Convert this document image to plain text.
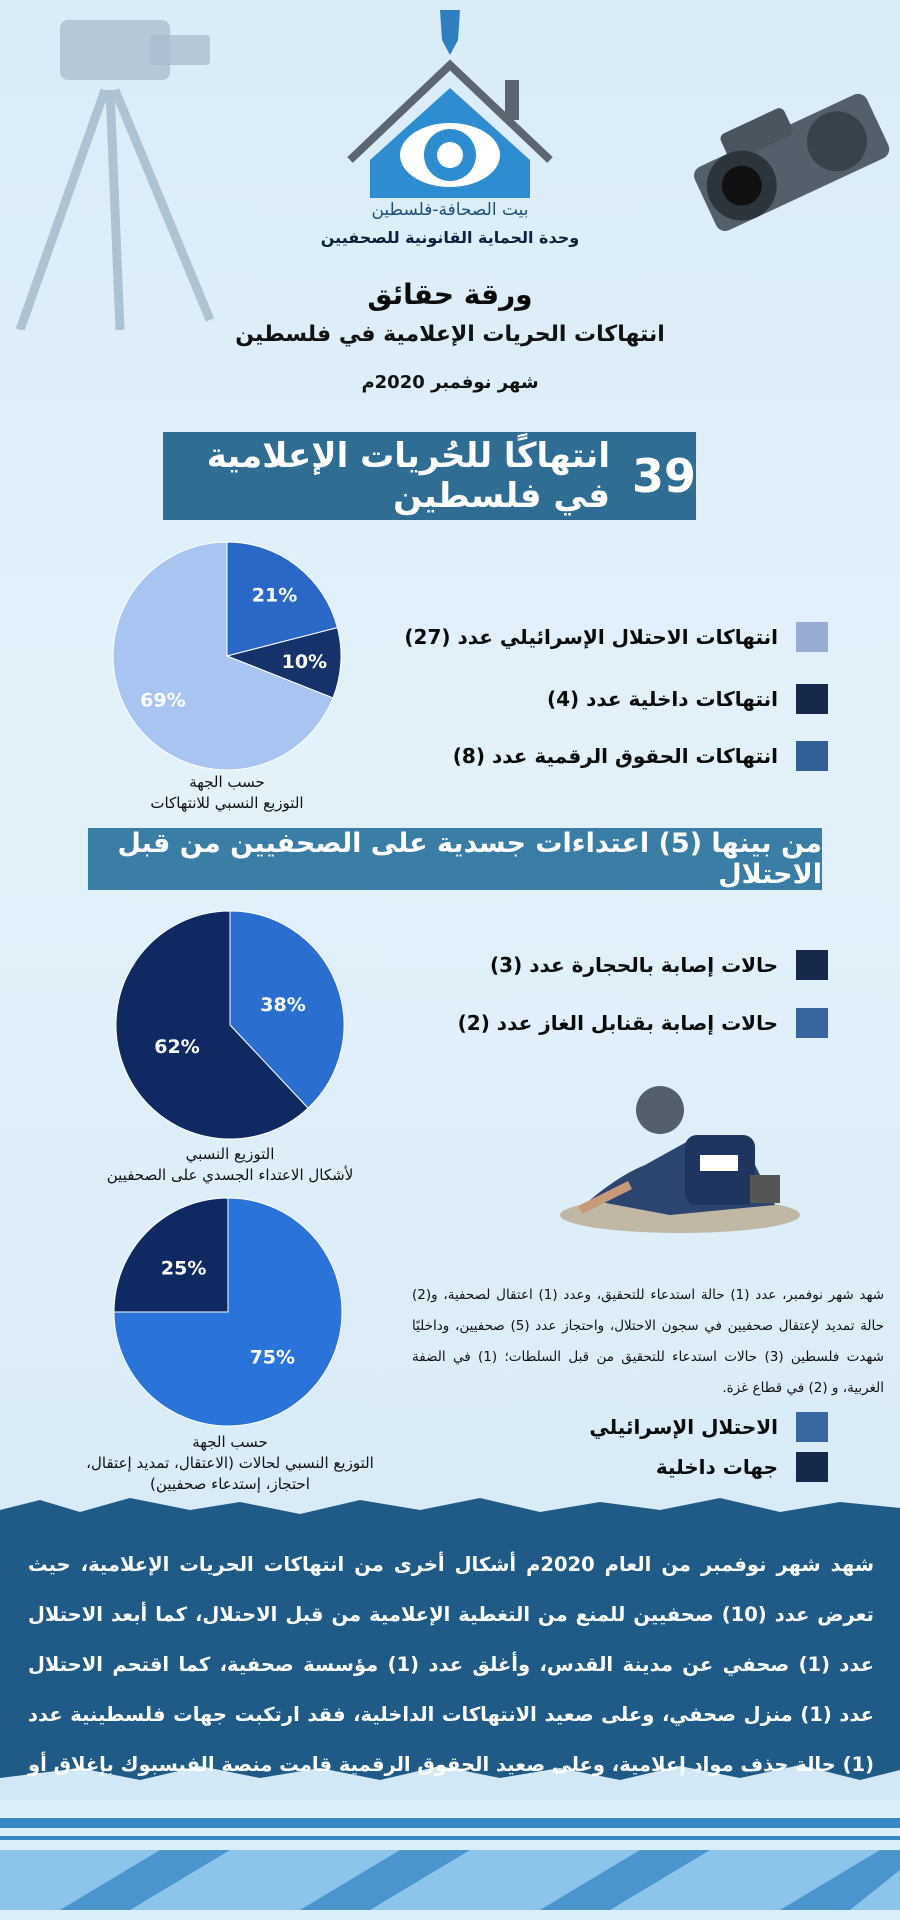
بيت الصحافة-فلسطين
وحدة الحماية القانونية للصحفيين
ورقة حقائق
انتهاكات الحريات الإعلامية في فلسطين
شهر نوفمبر 2020م
39
انتهاكًا للحُريات الإعلامية في فلسطين
21%
10%
69%
حسب الجهة
التوزيع النسبي للانتهاكات
انتهاكات الاحتلال الإسرائيلي عدد (27)
انتهاكات داخلية عدد (4)
انتهاكات الحقوق الرقمية عدد (8)
من بينها (5) اعتداءات جسدية على الصحفيين من قبل الاحتلال
38%
62%
التوزيع النسبي
لأشكال الاعتداء الجسدي على الصحفيين
حالات إصابة بالحجارة عدد (3)
حالات إصابة بقنابل الغاز عدد (2)
شهد شهر نوفمبر، عدد (1) حالة استدعاء للتحقيق، وعدد (1) اعتقال لصحفية، و(2) حالة تمديد لإعتقال صحفيين في سجون الاحتلال، واحتجاز عدد (5) صحفيين، وداخليًا شهدت فلسطين (3) حالات استدعاء للتحقيق من قبل السلطات؛ (1) في الضفة الغربية، و (2) في قطاع غزة.
75%
25%
حسب الجهة
التوزيع النسبي لحالات (الاعتقال، تمديد إعتقال،
احتجاز، إستدعاء صحفيين)
الاحتلال الإسرائيلي
جهات داخلية
شهد شهر نوفمبر من العام 2020م أشكال أخرى من انتهاكات الحريات الإعلامية، حيث تعرض عدد (10) صحفيين للمنع من التغطية الإعلامية من قبل الاحتلال، كما أبعد الاحتلال عدد (1) صحفي عن مدينة القدس، وأغلق عدد (1) مؤسسة صحفية، كما اقتحم الاحتلال عدد (1) منزل صحفي، وعلى صعيد الانتهاكات الداخلية، فقد ارتكبت جهات فلسطينية عدد (1) حالة حذف مواد إعلامية، وعلى صعيد الحقوق الرقمية قامت منصة الفيسبوك بإغلاق أو
